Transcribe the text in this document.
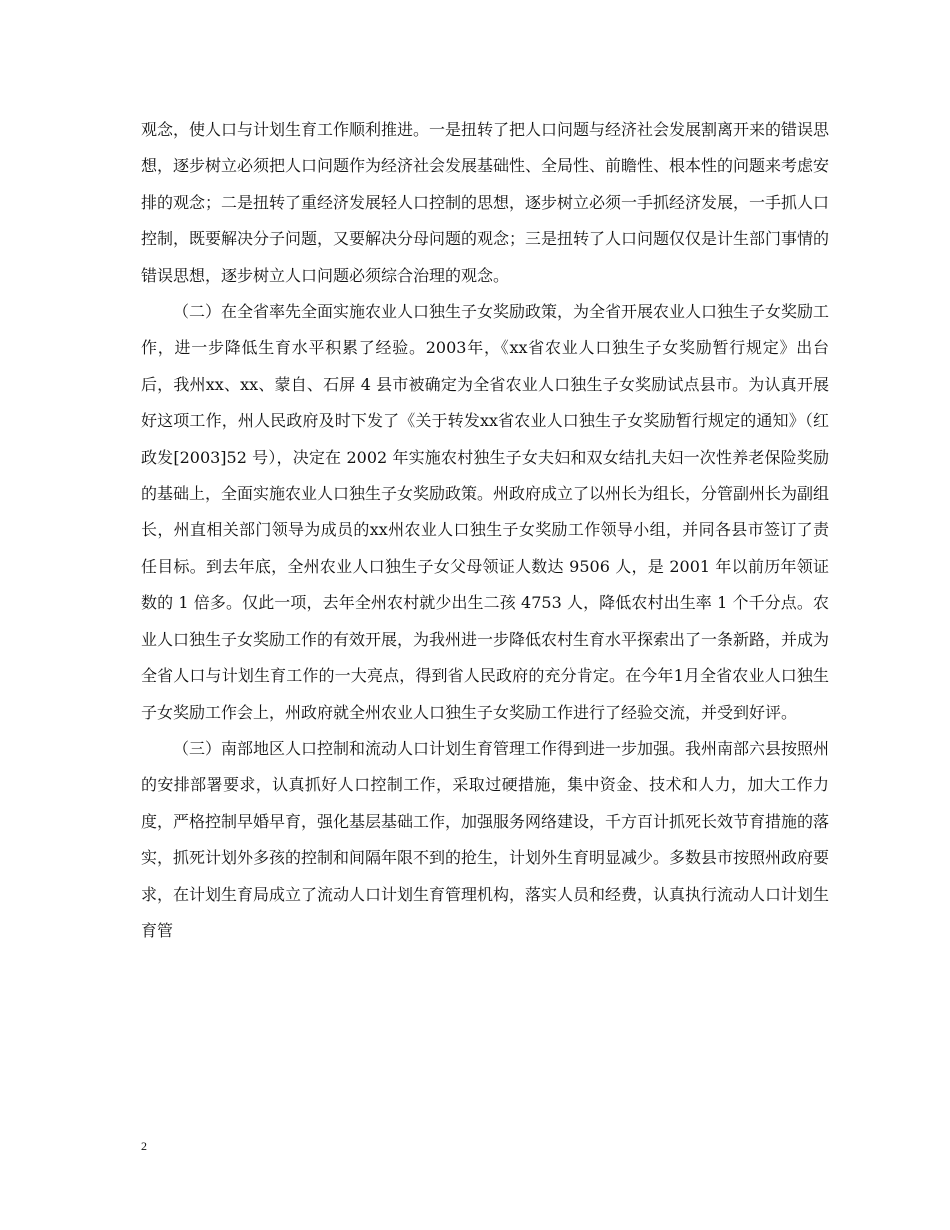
观念，使人口与计划生育工作顺利推进。一是扭转了把人口问题与经济社会发展割离开来的错误思想，逐步树立必须把人口问题作为经济社会发展基础性、全局性、前瞻性、根本性的问题来考虑安排的观念；二是扭转了重经济发展轻人口控制的思想，逐步树立必须一手抓经济发展，一手抓人口控制，既要解决分子问题，又要解决分母问题的观念；三是扭转了人口问题仅仅是计生部门事情的错误思想，逐步树立人口问题必须综合治理的观念。

（二）在全省率先全面实施农业人口独生子女奖励政策，为全省开展农业人口独生子女奖励工作，进一步降低生育水平积累了经验。2003年，《xx省农业人口独生子女奖励暂行规定》出台后，我州xx、xx、蒙自、石屏 4 县市被确定为全省农业人口独生子女奖励试点县市。为认真开展好这项工作，州人民政府及时下发了《关于转发xx省农业人口独生子女奖励暂行规定的通知》（红政发[2003]52 号），决定在 2002 年实施农村独生子女夫妇和双女结扎夫妇一次性养老保险奖励的基础上，全面实施农业人口独生子女奖励政策。州政府成立了以州长为组长，分管副州长为副组长，州直相关部门领导为成员的xx州农业人口独生子女奖励工作领导小组，并同各县市签订了责任目标。到去年底，全州农业人口独生子女父母领证人数达 9506 人，是 2001 年以前历年领证数的 1 倍多。仅此一项，去年全州农村就少出生二孩 4753 人，降低农村出生率 1 个千分点。农业人口独生子女奖励工作的有效开展，为我州进一步降低农村生育水平探索出了一条新路，并成为全省人口与计划生育工作的一大亮点，得到省人民政府的充分肯定。在今年1月全省农业人口独生子女奖励工作会上，州政府就全州农业人口独生子女奖励工作进行了经验交流，并受到好评。

（三）南部地区人口控制和流动人口计划生育管理工作得到进一步加强。我州南部六县按照州的安排部署要求，认真抓好人口控制工作，采取过硬措施，集中资金、技术和人力，加大工作力度，严格控制早婚早育，强化基层基础工作，加强服务网络建设，千方百计抓死长效节育措施的落实，抓死计划外多孩的控制和间隔年限不到的抢生，计划外生育明显减少。多数县市按照州政府要求，在计划生育局成立了流动人口计划生育管理机构，落实人员和经费，认真执行流动人口计划生育管

2
